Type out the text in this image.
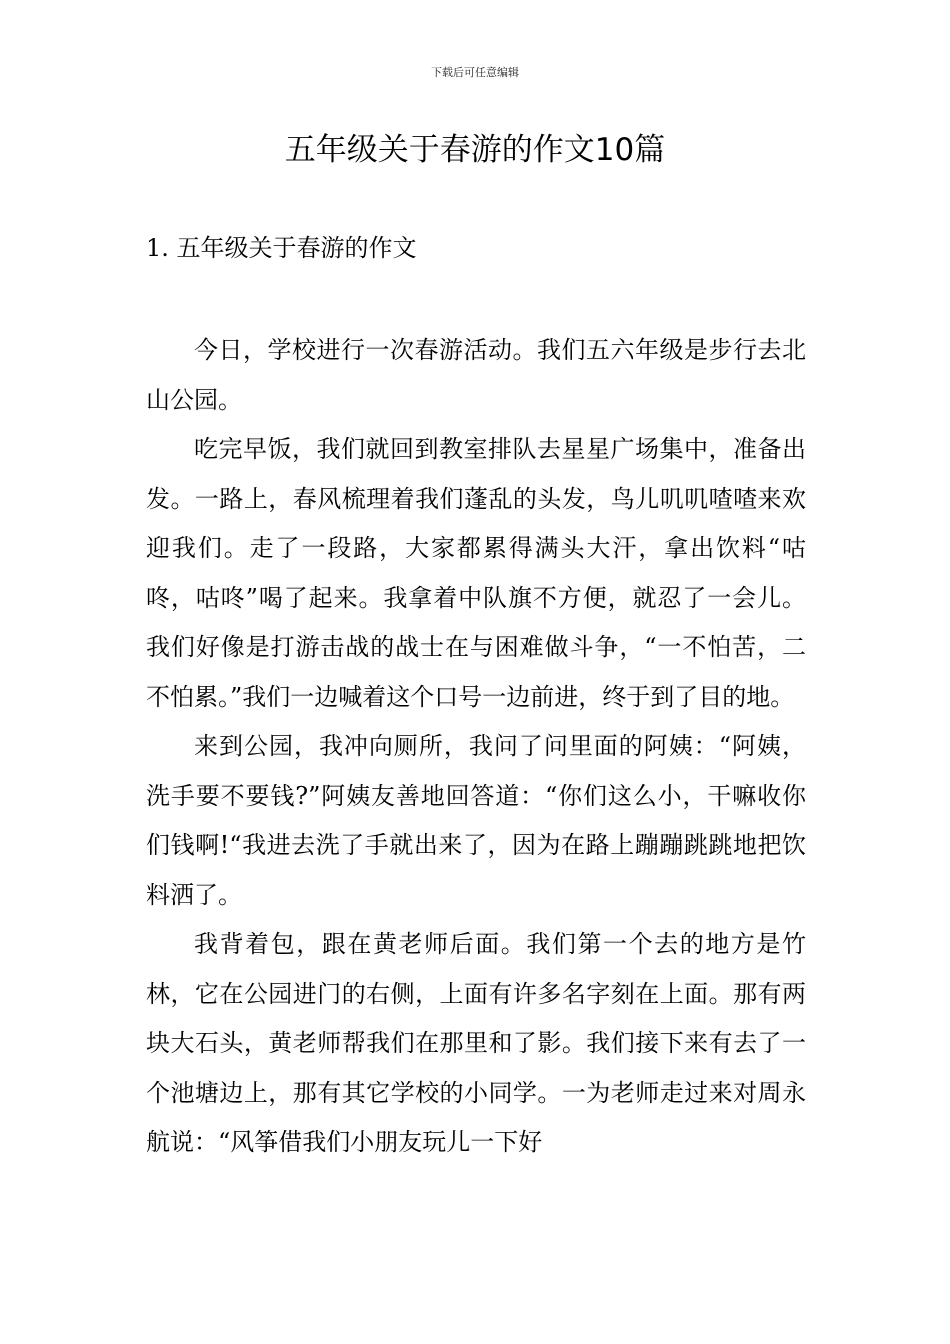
下载后可任意编辑
五年级关于春游的作文10篇
1. 五年级关于春游的作文

今日，学校进行一次春游活动。我们五六年级是步行去北山公园。

吃完早饭，我们就回到教室排队去星星广场集中，准备出发。一路上，春风梳理着我们蓬乱的头发，鸟儿叽叽喳喳来欢迎我们。走了一段路，大家都累得满头大汗，拿出饮料“咕咚，咕咚”喝了起来。我拿着中队旗不方便，就忍了一会儿。我们好像是打游击战的战士在与困难做斗争，“一不怕苦，二不怕累。”我们一边喊着这个口号一边前进，终于到了目的地。

来到公园，我冲向厕所，我问了问里面的阿姨：“阿姨，洗手要不要钱?”阿姨友善地回答道：“你们这么小，干嘛收你们钱啊!“我进去洗了手就出来了，因为在路上蹦蹦跳跳地把饮料洒了。

我背着包，跟在黄老师后面。我们第一个去的地方是竹林，它在公园进门的右侧，上面有许多名字刻在上面。那有两块大石头，黄老师帮我们在那里和了影。我们接下来有去了一个池塘边上，那有其它学校的小同学。一为老师走过来对周永航说：“风筝借我们小朋友玩儿一下好
